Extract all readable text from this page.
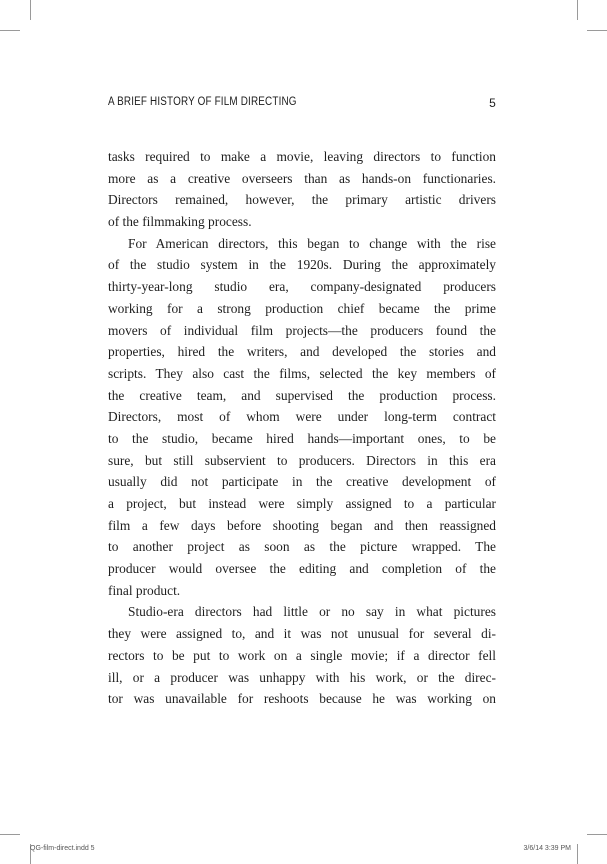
A BRIEF HISTORY OF FILM DIRECTING	5
tasks required to make a movie, leaving directors to function
more as a creative overseers than as hands-on functionaries.
Directors remained, however, the primary artistic drivers
of the filmmaking process.
For American directors, this began to change with the rise
of the studio system in the 1920s. During the approximately
thirty-year-long studio era, company-designated producers
working for a strong production chief became the prime
movers of individual film projects—the producers found the
properties, hired the writers, and developed the stories and
scripts. They also cast the films, selected the key members of
the creative team, and supervised the production process.
Directors, most of whom were under long-term contract
to the studio, became hired hands—important ones, to be
sure, but still subservient to producers. Directors in this era
usually did not participate in the creative development of
a project, but instead were simply assigned to a particular
film a few days before shooting began and then reassigned
to another project as soon as the picture wrapped. The
producer would oversee the editing and completion of the
final product.
Studio-era directors had little or no say in what pictures
they were assigned to, and it was not unusual for several di-
rectors to be put to work on a single movie; if a director fell
ill, or a producer was unhappy with his work, or the direc-
tor was unavailable for reshoots because he was working on
QG-film-direct.indd 5	3/6/14 3:39 PM
